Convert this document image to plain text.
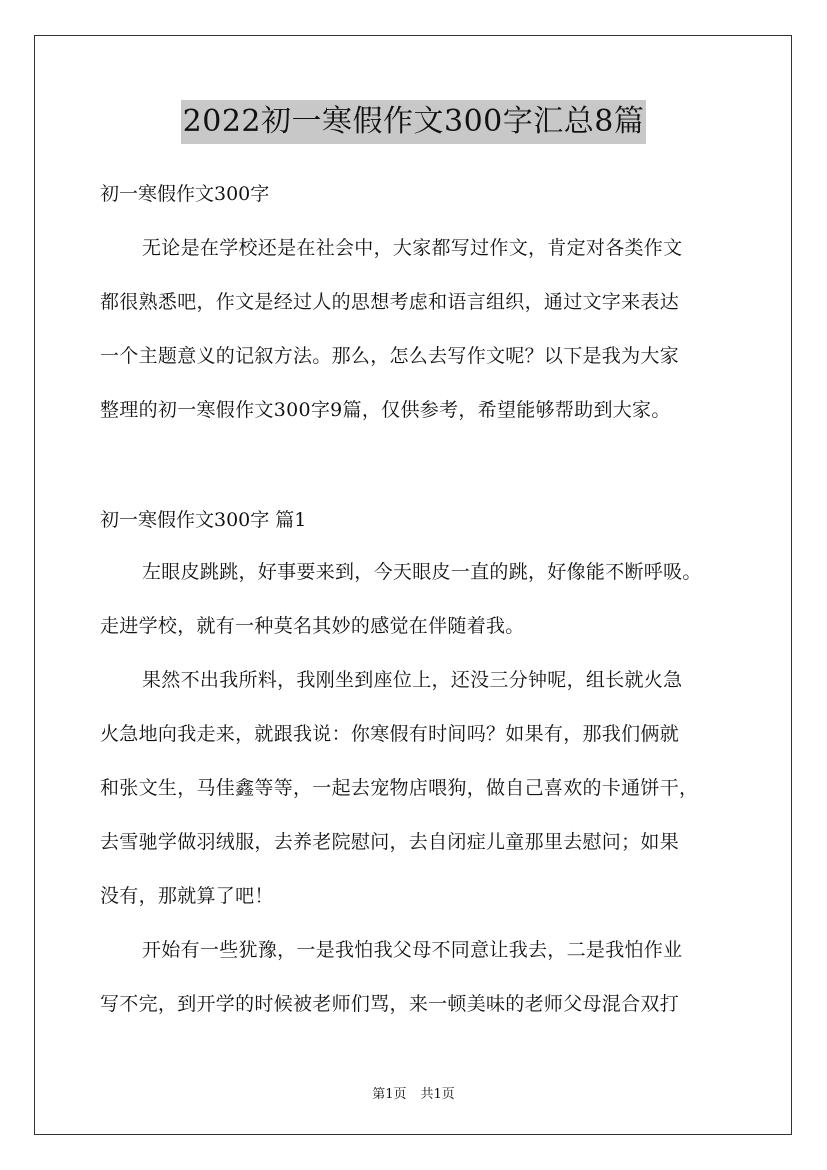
2022初一寒假作文300字汇总8篇
初一寒假作文300字
无论是在学校还是在社会中，大家都写过作文，肯定对各类作文
都很熟悉吧，作文是经过人的思想考虑和语言组织，通过文字来表达
一个主题意义的记叙方法。那么，怎么去写作文呢？以下是我为大家
整理的初一寒假作文300字9篇，仅供参考，希望能够帮助到大家。
初一寒假作文300字 篇1
左眼皮跳跳，好事要来到，今天眼皮一直的跳，好像能不断呼吸。
走进学校，就有一种莫名其妙的感觉在伴随着我。
果然不出我所料，我刚坐到座位上，还没三分钟呢，组长就火急
火急地向我走来，就跟我说：你寒假有时间吗？如果有，那我们俩就
和张文生，马佳鑫等等，一起去宠物店喂狗，做自己喜欢的卡通饼干，
去雪驰学做羽绒服，去养老院慰问，去自闭症儿童那里去慰问；如果
没有，那就算了吧！
开始有一些犹豫，一是我怕我父母不同意让我去，二是我怕作业
写不完，到开学的时候被老师们骂，来一顿美味的老师父母混合双打
第1页 共1页
